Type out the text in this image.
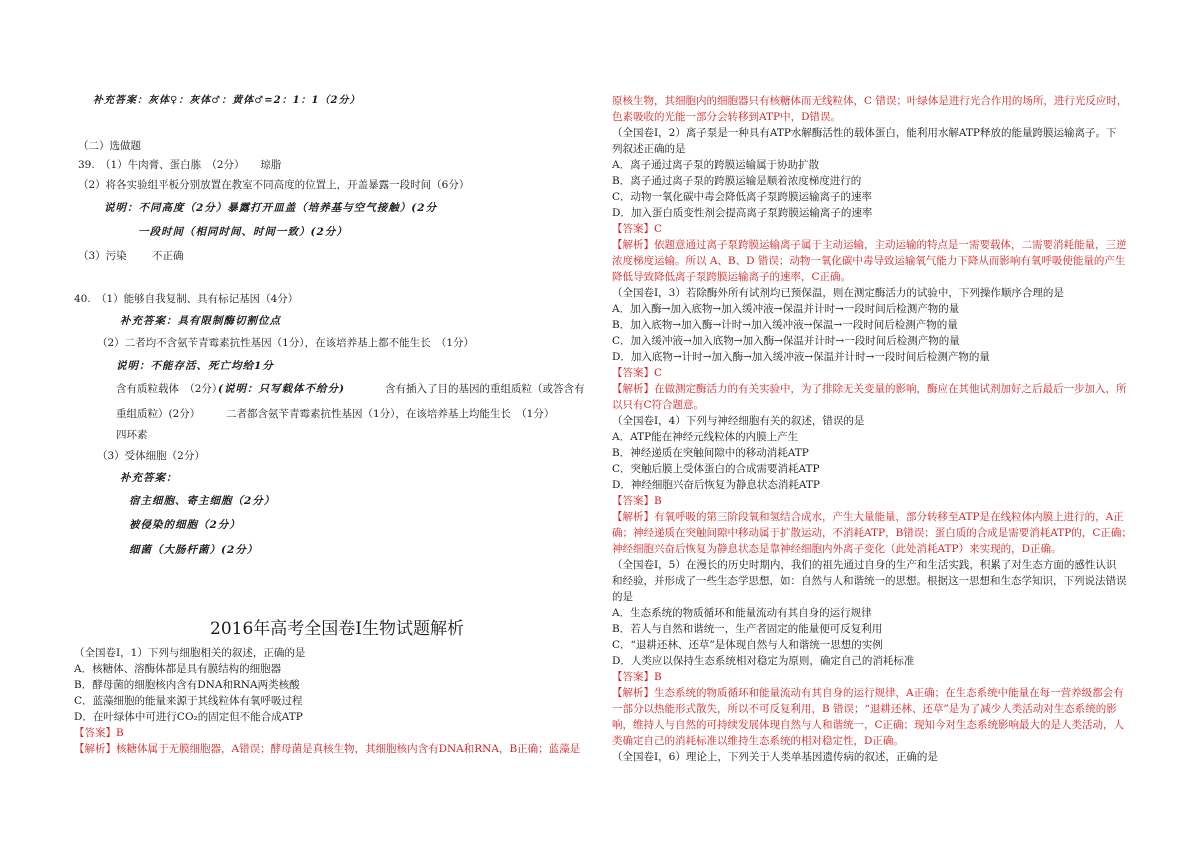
补充答案：灰体♀：灰体♂：黄体♂=2：1：1（2分）
（二）选做题
39.　（1）牛肉膏、蛋白胨　（2分）　　琼脂
（2）将各实验组平板分别放置在教室不同高度的位置上，开盖暴露一段时间（6分）
说明：不同高度（2分）暴露打开皿盖（培养基与空气接触）(2分
一段时间（相同时间、时间一致）(2分）
（3）污染 不正确
40.　（1）能够自我复制、具有标记基因（4分）
补充答案：具有限制酶切割位点
（2）二者均不含氨苄青霉素抗性基因（1分），在该培养基上都不能生长　（1分）
说明：不能存活、死亡均给1分
含有质粒载体　（2分）
(说明：只写载体不给分)	含有插入了目的基因的重组质粒（或答含有
重组质粒）(2分） 二者都含氨苄青霉素抗性基因（1分），在该培养基上均能生长　（1分）
四环素
（3）受体细胞（2分）
补充答案：
宿主细胞、寄主细胞（2分）
被侵染的细胞（2分）
细菌（大肠杆菌）(2分）
2016年高考全国卷Ⅰ生物试题解析
（全国卷Ⅰ，1）下列与细胞相关的叙述，正确的是
A．核糖体、溶酶体都是具有膜结构的细胞器
B．酵母菌的细胞核内含有DNA和RNA两类核酸
C．蓝藻细胞的能量来源于其线粒体有氧呼吸过程
D．在叶绿体中可进行CO₂的固定但不能合成ATP
【答案】B
【解析】核糖体属于无膜细胞器，A错误；酵母菌是真核生物，其细胞核内含有DNA和RNA，B正确；蓝藻是
原核生物，其细胞内的细胞器只有核糖体而无线粒体，C 错误；叶绿体是进行光合作用的场所，进行光反应时，
色素吸收的光能一部分会转移到ATP中，D错误。
（全国卷Ⅰ，2）离子泵是一种具有ATP水解酶活性的载体蛋白，能利用水解ATP释放的能量跨膜运输离子。下
列叙述正确的是
A．离子通过离子泵的跨膜运输属于协助扩散
B．离子通过离子泵的跨膜运输是顺着浓度梯度进行的
C．动物一氧化碳中毒会降低离子泵跨膜运输离子的速率
D．加入蛋白质变性剂会提高离子泵跨膜运输离子的速率
【答案】C
【解析】依题意通过离子泵跨膜运输离子属于主动运输，主动运输的特点是一需要载体，二需要消耗能量，三逆
浓度梯度运输。所以 A、B、D 错误；动物一氧化碳中毒导致运输氧气能力下降从而影响有氧呼吸使能量的产生
降低导致降低离子泵跨膜运输离子的速率，C正确。
（全国卷Ⅰ，3）若除酶外所有试剂均已预保温，则在测定酶活力的试验中，下列操作顺序合理的是
A．加入酶→加入底物→加入缓冲液→保温并计时→一段时间后检测产物的量
B．加入底物→加入酶→计时→加入缓冲液→保温→一段时间后检测产物的量
C．加入缓冲液→加入底物→加入酶→保温并计时→一段时间后检测产物的量
D．加入底物→计时→加入酶→加入缓冲液→保温并计时→一段时间后检测产物的量
【答案】C
【解析】在做测定酶活力的有关实验中，为了排除无关变量的影响，酶应在其他试剂加好之后最后一步加入，所
以只有C符合题意。
（全国卷Ⅰ，4）下列与神经细胞有关的叙述，错误的是
A．ATP能在神经元线粒体的内膜上产生
B．神经递质在突触间隙中的移动消耗ATP
C．突触后膜上受体蛋白的合成需要消耗ATP
D．神经细胞兴奋后恢复为静息状态消耗ATP
【答案】B
【解析】有氧呼吸的第三阶段氧和氢结合成水，产生大量能量，部分转移至ATP是在线粒体内膜上进行的，A正
确；神经递质在突触间隙中移动属于扩散运动，不消耗ATP，B错误；蛋白质的合成是需要消耗ATP的，C正确；
神经细胞兴奋后恢复为静息状态是靠神经细胞内外离子变化（此处消耗ATP）来实现的，D正确。
（全国卷Ⅰ，5）在漫长的历史时期内，我们的祖先通过自身的生产和生活实践，积累了对生态方面的感性认识
和经验，并形成了一些生态学思想，如：自然与人和谐统一的思想。根据这一思想和生态学知识，下列说法错误
的是
A．生态系统的物质循环和能量流动有其自身的运行规律
B．若人与自然和谐统一，生产者固定的能量便可反复利用
C．“退耕还林、还草”是体现自然与人和谐统一思想的实例
D．人类应以保持生态系统相对稳定为原则，确定自己的消耗标准
【答案】B
【解析】生态系统的物质循环和能量流动有其自身的运行规律，A正确；在生态系统中能量在每一营养级都会有
一部分以热能形式散失，所以不可反复利用，B 错误；“退耕还林、还草”是为了减少人类活动对生态系统的影
响，维持人与自然的可持续发展体现自然与人和谐统一，C正确；现知今对生态系统影响最大的是人类活动，人
类确定自己的消耗标准以维持生态系统的相对稳定性，D正确。
（全国卷Ⅰ，6）理论上，下列关于人类单基因遗传病的叙述，正确的是
